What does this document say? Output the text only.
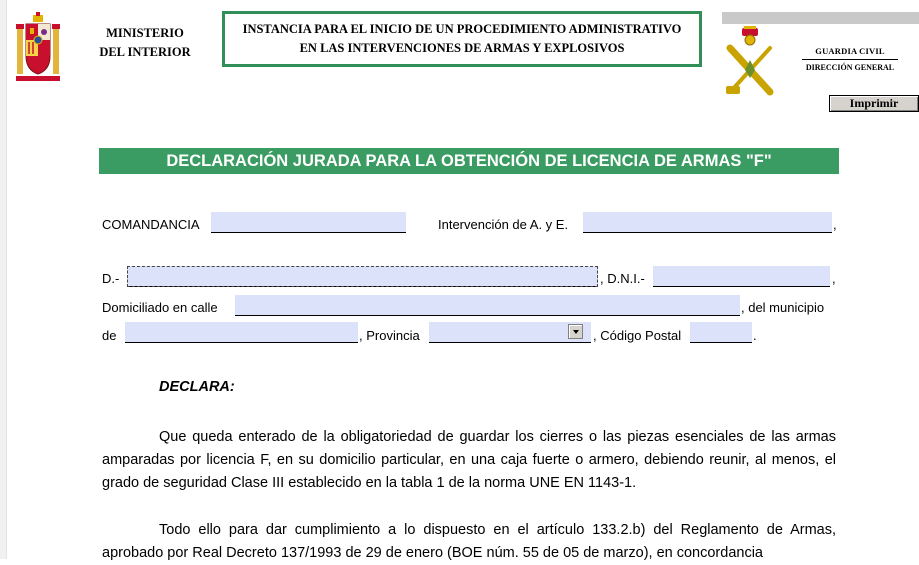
MINISTERIO
DEL INTERIOR
INSTANCIA PARA EL INICIO DE UN PROCEDIMIENTO ADMINISTRATIVO
EN LAS INTERVENCIONES DE ARMAS Y EXPLOSIVOS	GUARDIA CIVIL
DIRECCIÓN GENERAL
Imprimir
DECLARACIÓN JURADA PARA LA OBTENCIÓN DE LICENCIA DE ARMAS "F"
COMANDANCIA	Intervención de A. y E.	,
D.-	, D.N.I.-	,
Domiciliado en calle	, del municipio
de	, Provincia	, Código Postal	.
DECLARA:

Que queda enterado de la obligatoriedad de guardar los cierres o las piezas esenciales de las armas amparadas por licencia F, en su domicilio particular, en una caja fuerte o armero, debiendo reunir, al menos, el grado de seguridad Clase III establecido en la tabla 1 de la norma UNE EN 1143-1.

Todo ello para dar cumplimiento a lo dispuesto en el artículo 133.2.b) del Reglamento de Armas, aprobado por Real Decreto 137/1993 de 29 de enero (BOE núm. 55 de 05 de marzo), en concordancia
